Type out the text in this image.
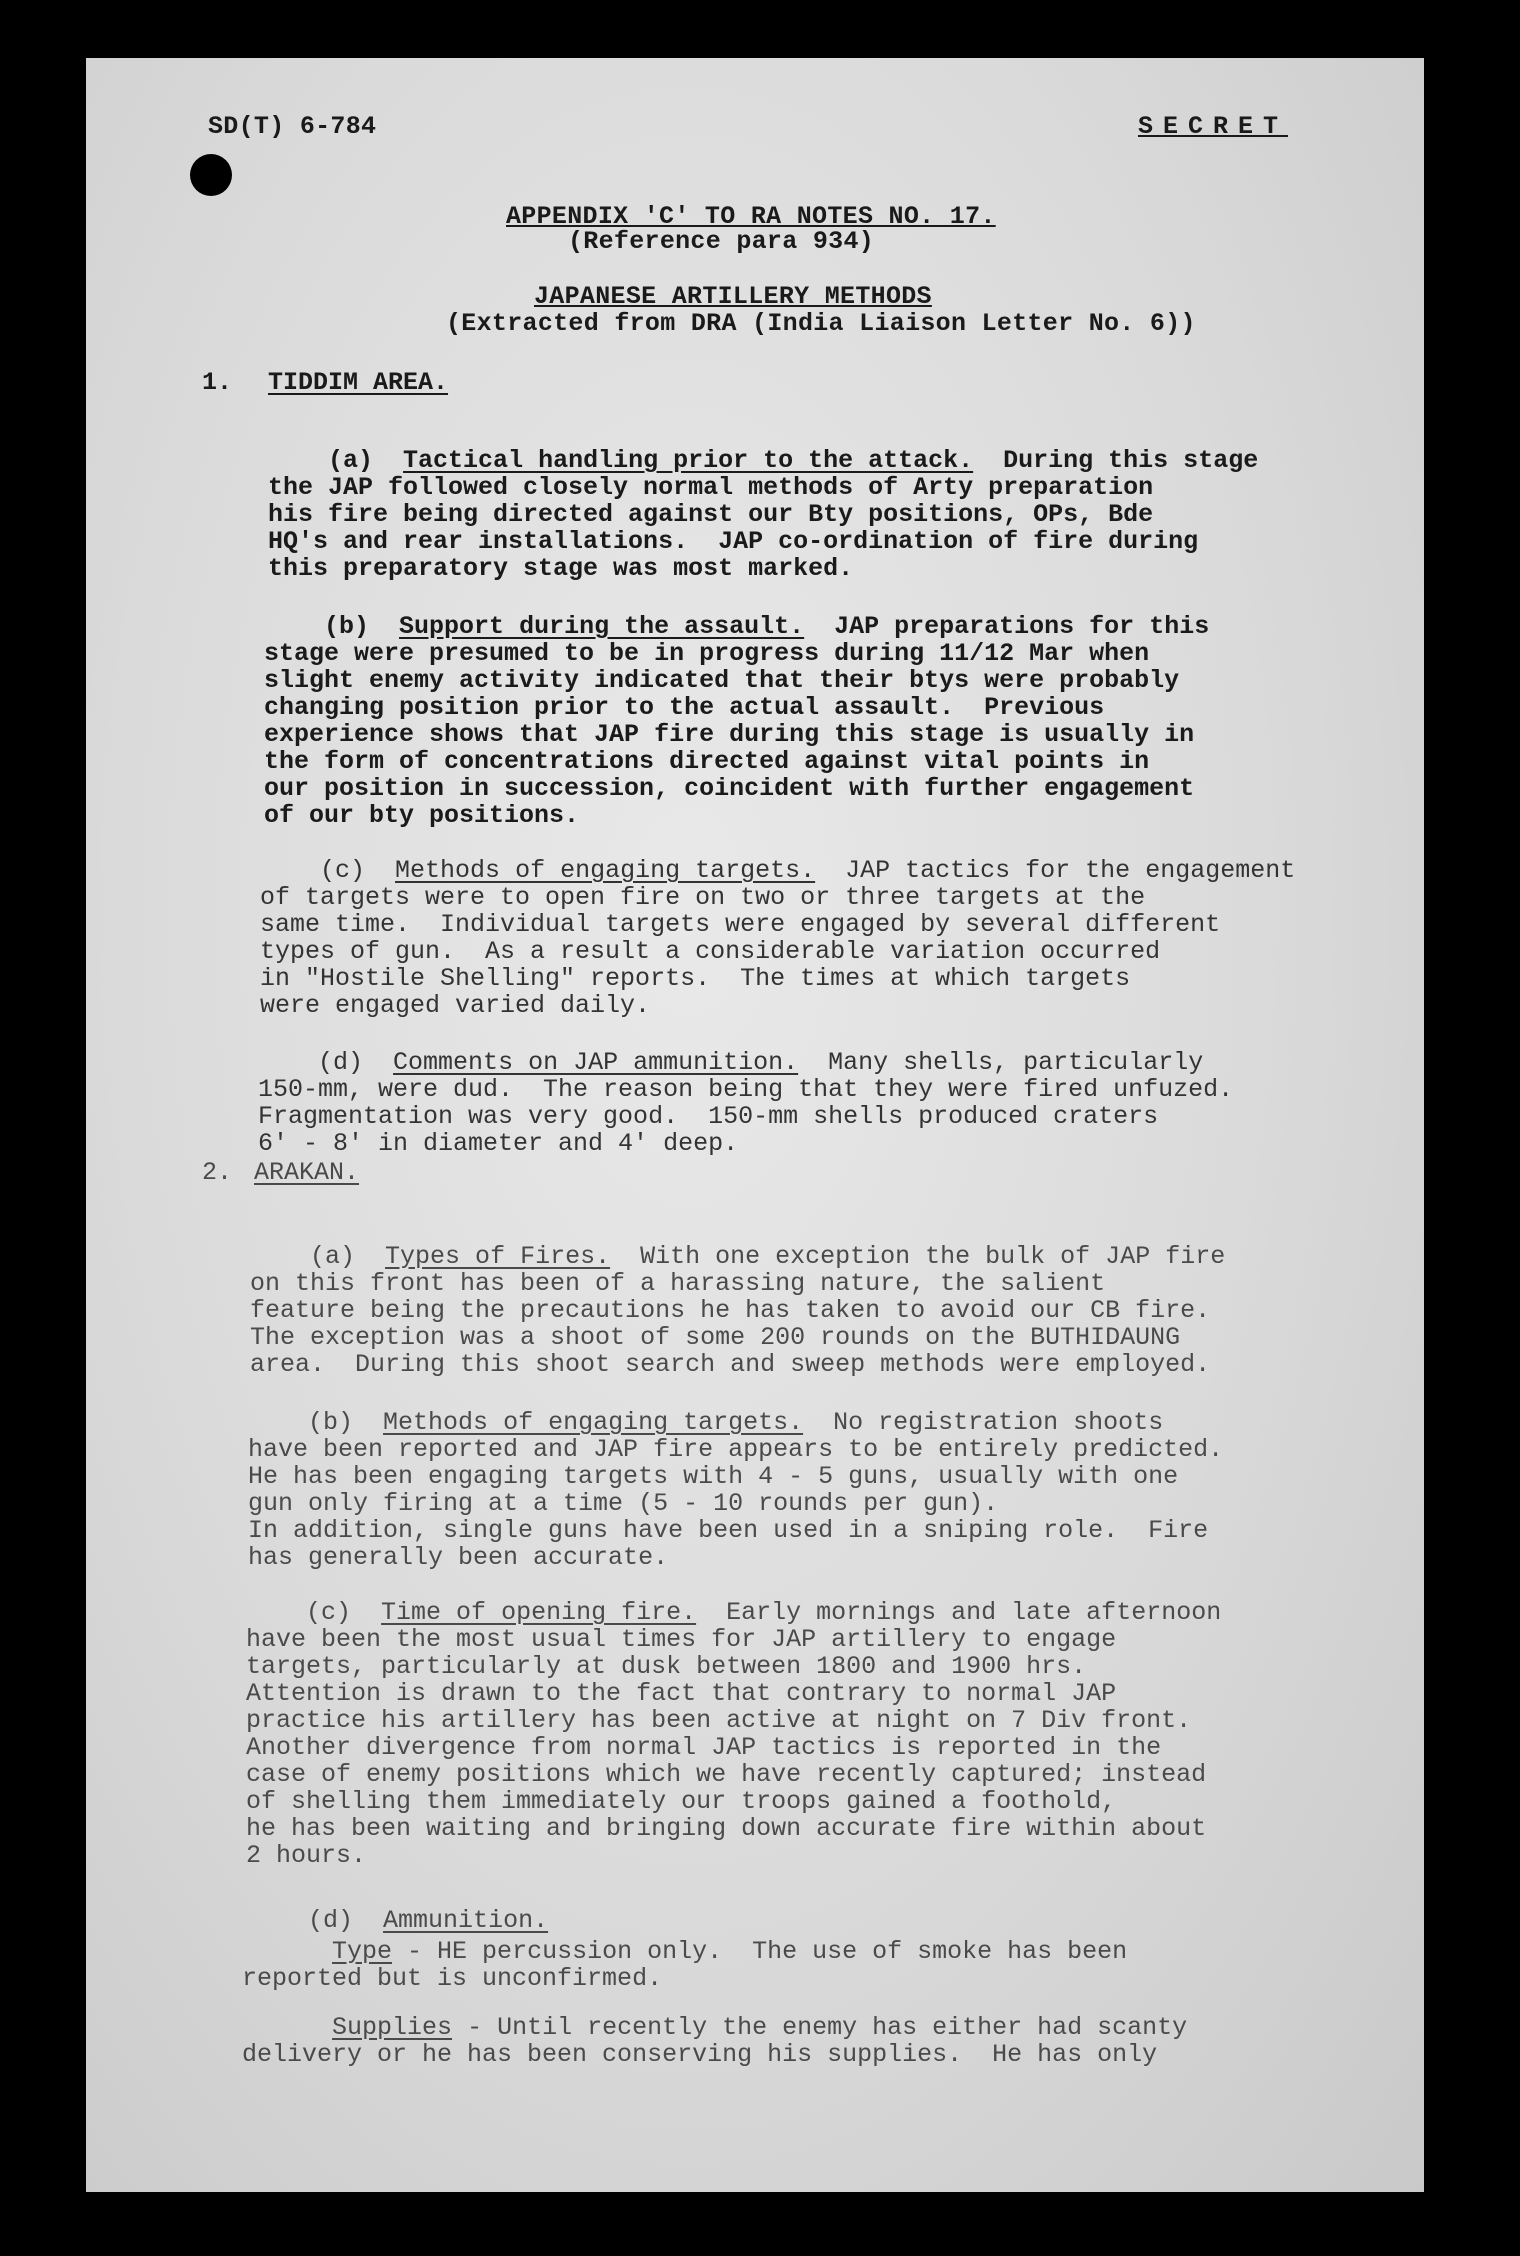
SD(T) 6-784	SECRET
APPENDIX 'C' TO RA NOTES NO. 17.
(Reference para 934)
JAPANESE ARTILLERY METHODS
(Extracted from DRA (India Liaison Letter No. 6))
1. TIDDIM AREA.

(a) Tactical handling prior to the attack. During this stage
the JAP followed closely normal methods of Arty preparation
his fire being directed against our Bty positions, OPs, Bde
HQ's and rear installations.  JAP co-ordination of fire during
this preparatory stage was most marked.

(b) Support during the assault. JAP preparations for this
stage were presumed to be in progress during 11/12 Mar when
slight enemy activity indicated that their btys were probably
changing position prior to the actual assault.  Previous
experience shows that JAP fire during this stage is usually in
the form of concentrations directed against vital points in
our position in succession, coincident with further engagement
of our bty positions.

(c) Methods of engaging targets. JAP tactics for the engagement
of targets were to open fire on two or three targets at the
same time.  Individual targets were engaged by several different
types of gun.  As a result a considerable variation occurred
in "Hostile Shelling" reports.  The times at which targets
were engaged varied daily.

(d) Comments on JAP ammunition. Many shells, particularly
150-mm, were dud.  The reason being that they were fired unfuzed.
Fragmentation was very good.  150-mm shells produced craters
6' - 8' in diameter and 4' deep.

2. ARAKAN.

(a) Types of Fires. With one exception the bulk of JAP fire
on this front has been of a harassing nature, the salient
feature being the precautions he has taken to avoid our CB fire.
The exception was a shoot of some 200 rounds on the BUTHIDAUNG
area.  During this shoot search and sweep methods were employed.

(b) Methods of engaging targets. No registration shoots
have been reported and JAP fire appears to be entirely predicted.
He has been engaging targets with 4 - 5 guns, usually with one
gun only firing at a time (5 - 10 rounds per gun).
In addition, single guns have been used in a sniping role.  Fire
has generally been accurate.

(c) Time of opening fire. Early mornings and late afternoon
have been the most usual times for JAP artillery to engage
targets, particularly at dusk between 1800 and 1900 hrs.
Attention is drawn to the fact that contrary to normal JAP
practice his artillery has been active at night on 7 Div front.
Another divergence from normal JAP tactics is reported in the
case of enemy positions which we have recently captured; instead
of shelling them immediately our troops gained a foothold,
he has been waiting and bringing down accurate fire within about
2 hours.

(d) Ammunition.

Type - HE percussion only.  The use of smoke has been
reported but is unconfirmed.
Supplies - Until recently the enemy has either had scanty
delivery or he has been conserving his supplies.  He has only
